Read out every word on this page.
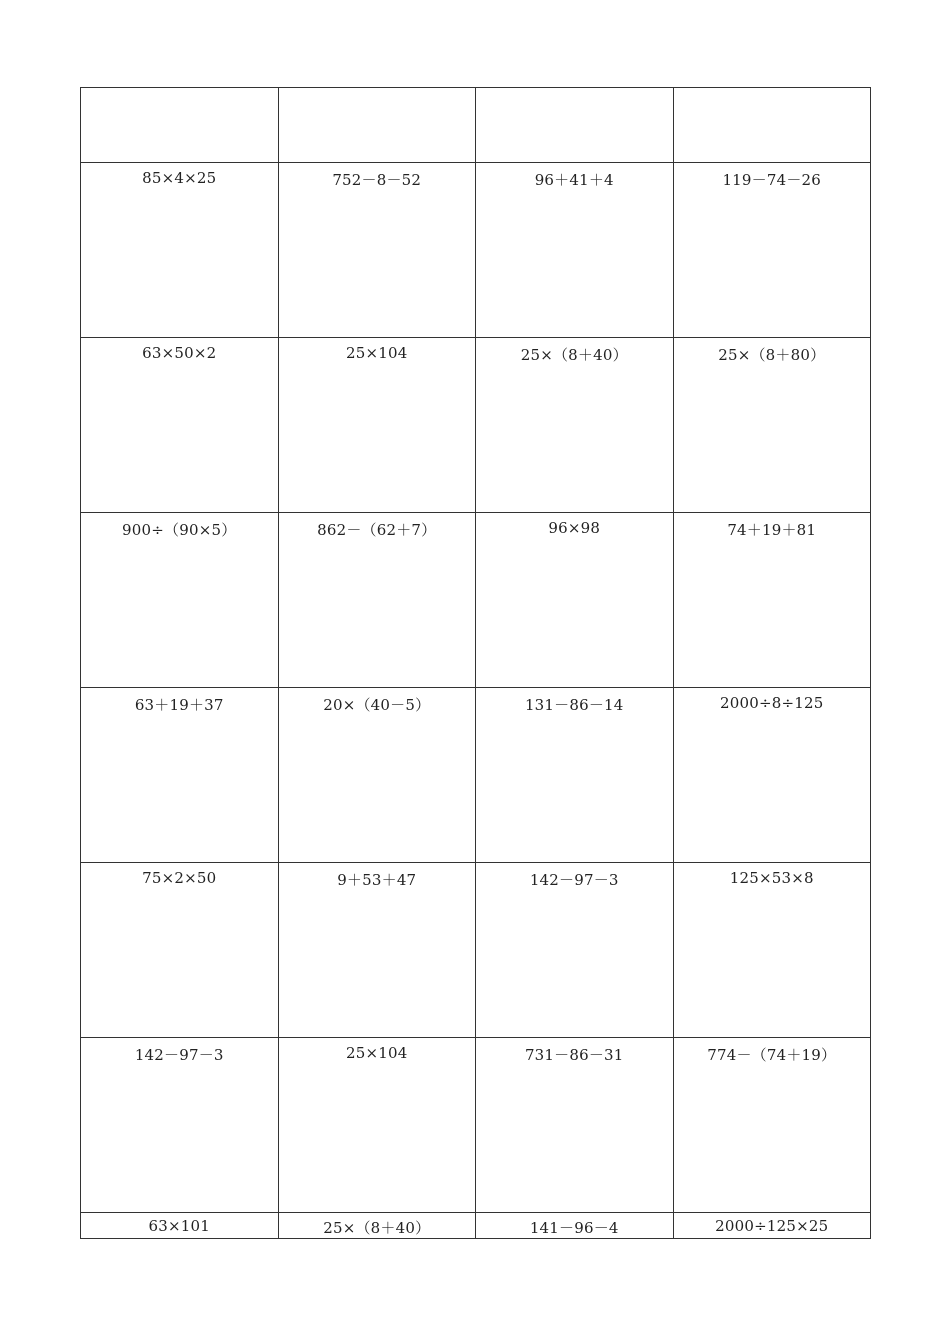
85×4×25	752－8－52	96＋41＋4	119－74－26
63×50×2	25×104	25×（8＋40）	25×（8＋80）
900÷（90×5）	862－（62＋7）	96×98	74＋19＋81
63＋19＋37	20×（40－5）	131－86－14	2000÷8÷125
75×2×50	9＋53＋47	142－97－3	125×53×8
142－97－3	25×104	731－86－31	774－（74＋19）
63×101	25×（8＋40）	141－96－4	2000÷125×25
